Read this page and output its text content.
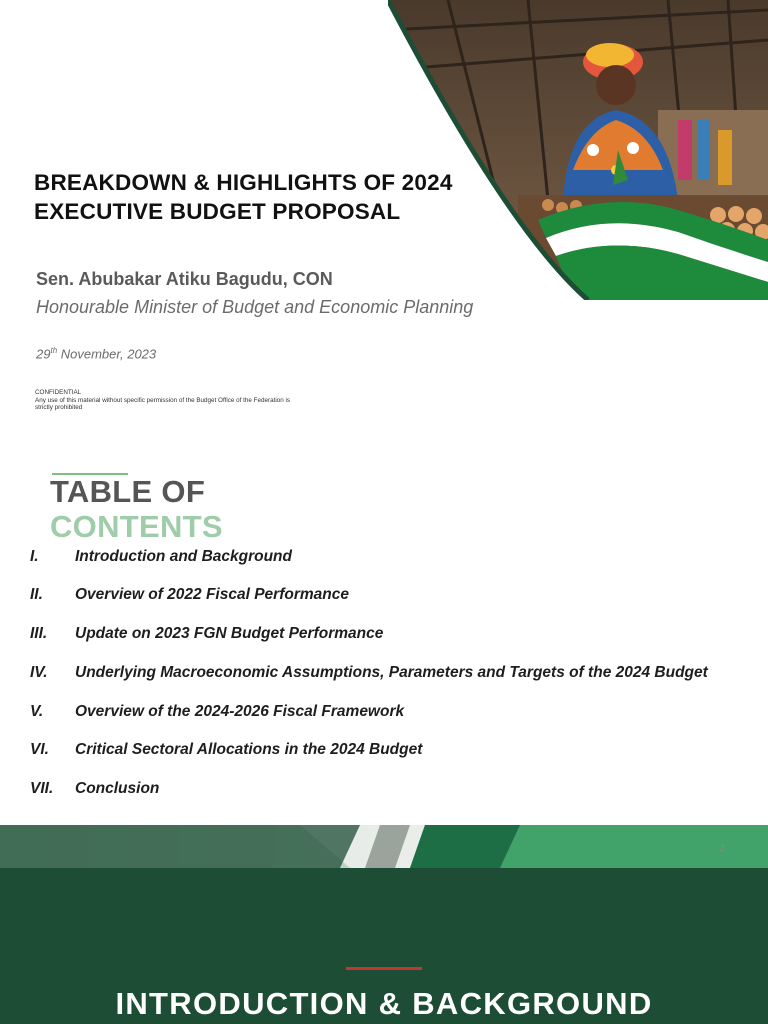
BREAKDOWN & HIGHLIGHTS OF 2024
EXECUTIVE BUDGET PROPOSAL
Sen. Abubakar Atiku Bagudu, CON
Honourable Minister of Budget and Economic Planning
29th November, 2023
CONFIDENTIAL
Any use of this material without specific permission of the Budget Office of the Federation is strictly prohibited
TABLE OF
CONTENTS
I. Introduction and Background
II. Overview of 2022 Fiscal Performance
III. Update on 2023 FGN Budget Performance
IV. Underlying Macroeconomic Assumptions, Parameters and Targets of the 2024 Budget
V. Overview of the 2024-2026 Fiscal Framework
VI. Critical Sectoral Allocations in the 2024 Budget
VII. Conclusion
2
INTRODUCTION & BACKGROUND
